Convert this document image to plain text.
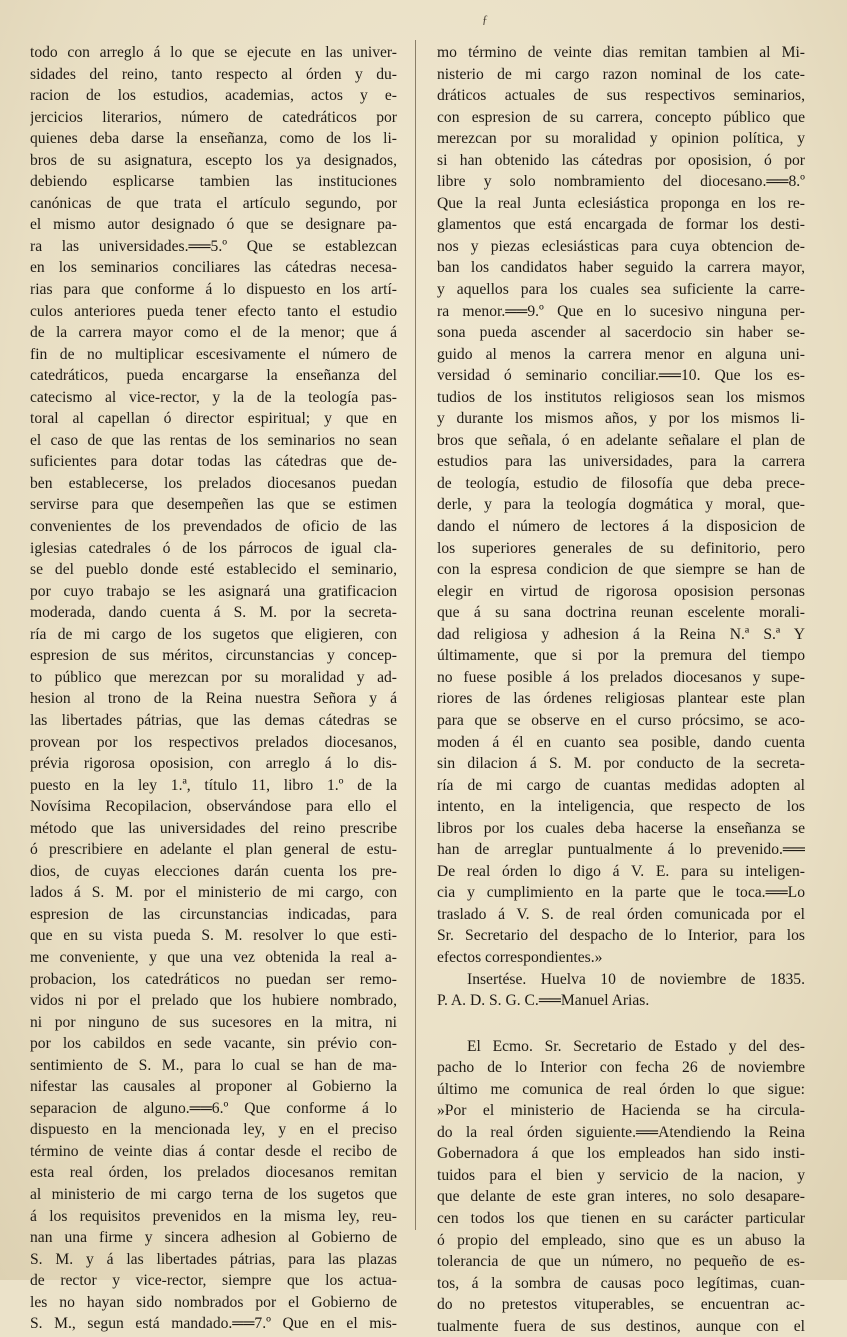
ƒ
todo con arreglo á lo que se ejecute en las univer-
sidades del reino, tanto respecto al órden y du-
racion de los estudios, academias, actos y e-
jercicios literarios, número de catedráticos por
quienes deba darse la enseñanza, como de los li-
bros de su asignatura, escepto los ya designados,
debiendo esplicarse tambien las instituciones
canónicas de que trata el artículo segundo, por
el mismo autor designado ó que se designare pa-
ra las universidades.══5.º Que se establezcan
en los seminarios conciliares las cátedras necesa-
rias para que conforme á lo dispuesto en los artí-
culos anteriores pueda tener efecto tanto el estudio
de la carrera mayor como el de la menor; que á
fin de no multiplicar escesivamente el número de
catedráticos, pueda encargarse la enseñanza del
catecismo al vice-rector, y la de la teología pas-
toral al capellan ó director espiritual; y que en
el caso de que las rentas de los seminarios no sean
suficientes para dotar todas las cátedras que de-
ben establecerse, los prelados diocesanos puedan
servirse para que desempeñen las que se estimen
convenientes de los prevendados de oficio de las
iglesias catedrales ó de los párrocos de igual cla-
se del pueblo donde esté establecido el seminario,
por cuyo trabajo se les asignará una gratificacion
moderada, dando cuenta á S. M. por la secreta-
ría de mi cargo de los sugetos que eligieren, con
espresion de sus méritos, circunstancias y concep-
to público que merezcan por su moralidad y ad-
hesion al trono de la Reina nuestra Señora y á
las libertades pátrias, que las demas cátedras se
provean por los respectivos prelados diocesanos,
prévia rigorosa oposision, con arreglo á lo dis-
puesto en la ley 1.ª, título 11, libro 1.º de la
Novísima Recopilacion, observándose para ello el
método que las universidades del reino prescribe
ó prescribiere en adelante el plan general de estu-
dios, de cuyas elecciones darán cuenta los pre-
lados á S. M. por el ministerio de mi cargo, con
espresion de las circunstancias indicadas, para
que en su vista pueda S. M. resolver lo que esti-
me conveniente, y que una vez obtenida la real a-
probacion, los catedráticos no puedan ser remo-
vidos ni por el prelado que los hubiere nombrado,
ni por ninguno de sus sucesores en la mitra, ni
por los cabildos en sede vacante, sin prévio con-
sentimiento de S. M., para lo cual se han de ma-
nifestar las causales al proponer al Gobierno la
separacion de alguno.══6.º Que conforme á lo
dispuesto en la mencionada ley, y en el preciso
término de veinte dias á contar desde el recibo de
esta real órden, los prelados diocesanos remitan
al ministerio de mi cargo terna de los sugetos que
á los requisitos prevenidos en la misma ley, reu-
nan una firme y sincera adhesion al Gobierno de
S. M. y á las libertades pátrias, para las plazas
de rector y vice-rector, siempre que los actua-
les no hayan sido nombrados por el Gobierno de
S. M., segun está mandado.══7.º Que en el mis-
mo término de veinte dias remitan tambien al Mi-
nisterio de mi cargo razon nominal de los cate-
dráticos actuales de sus respectivos seminarios,
con espresion de su carrera, concepto público que
merezcan por su moralidad y opinion política, y
si han obtenido las cátedras por oposision, ó por
libre y solo nombramiento del diocesano.══8.º
Que la real Junta eclesiástica proponga en los re-
glamentos que está encargada de formar los desti-
nos y piezas eclesiásticas para cuya obtencion de-
ban los candidatos haber seguido la carrera mayor,
y aquellos para los cuales sea suficiente la carre-
ra menor.══9.º Que en lo sucesivo ninguna per-
sona pueda ascender al sacerdocio sin haber se-
guido al menos la carrera menor en alguna uni-
versidad ó seminario conciliar.══10. Que los es-
tudios de los institutos religiosos sean los mismos
y durante los mismos años, y por los mismos li-
bros que señala, ó en adelante señalare el plan de
estudios para las universidades, para la carrera
de teología, estudio de filosofía que deba prece-
derle, y para la teología dogmática y moral, que-
dando el número de lectores á la disposicion de
los superiores generales de su definitorio, pero
con la espresa condicion de que siempre se han de
elegir en virtud de rigorosa oposision personas
que á su sana doctrina reunan escelente morali-
dad religiosa y adhesion á la Reina N.ª S.ª Y
últimamente, que si por la premura del tiempo
no fuese posible á los prelados diocesanos y supe-
riores de las órdenes religiosas plantear este plan
para que se observe en el curso prócsimo, se aco-
moden á él en cuanto sea posible, dando cuenta
sin dilacion á S. M. por conducto de la secreta-
ría de mi cargo de cuantas medidas adopten al
intento, en la inteligencia, que respecto de los
libros por los cuales deba hacerse la enseñanza se
han de arreglar puntualmente á lo prevenido.══
De real órden lo digo á V. E. para su inteligen-
cia y cumplimiento en la parte que le toca.══Lo
traslado á V. S. de real órden comunicada por el
Sr. Secretario del despacho de lo Interior, para los
efectos correspondientes.»
Insertése. Huelva 10 de noviembre de 1835.
P. A. D. S. G. C.══Manuel Arias.
El Ecmo. Sr. Secretario de Estado y del des-
pacho de lo Interior con fecha 26 de noviembre
último me comunica de real órden lo que sigue:
»Por el ministerio de Hacienda se ha circula-
do la real órden siguiente.══Atendiendo la Reina
Gobernadora á que los empleados han sido insti-
tuidos para el bien y servicio de la nacion, y
que delante de este gran interes, no solo desapare-
cen todos los que tienen en su carácter particular
ó propio del empleado, sino que es un abuso la
tolerancia de que un número, no pequeño de es-
tos, á la sombra de causas poco legítimas, cuan-
do no pretestos vituperables, se encuentran ac-
tualmente fuera de sus destinos, aunque con el
